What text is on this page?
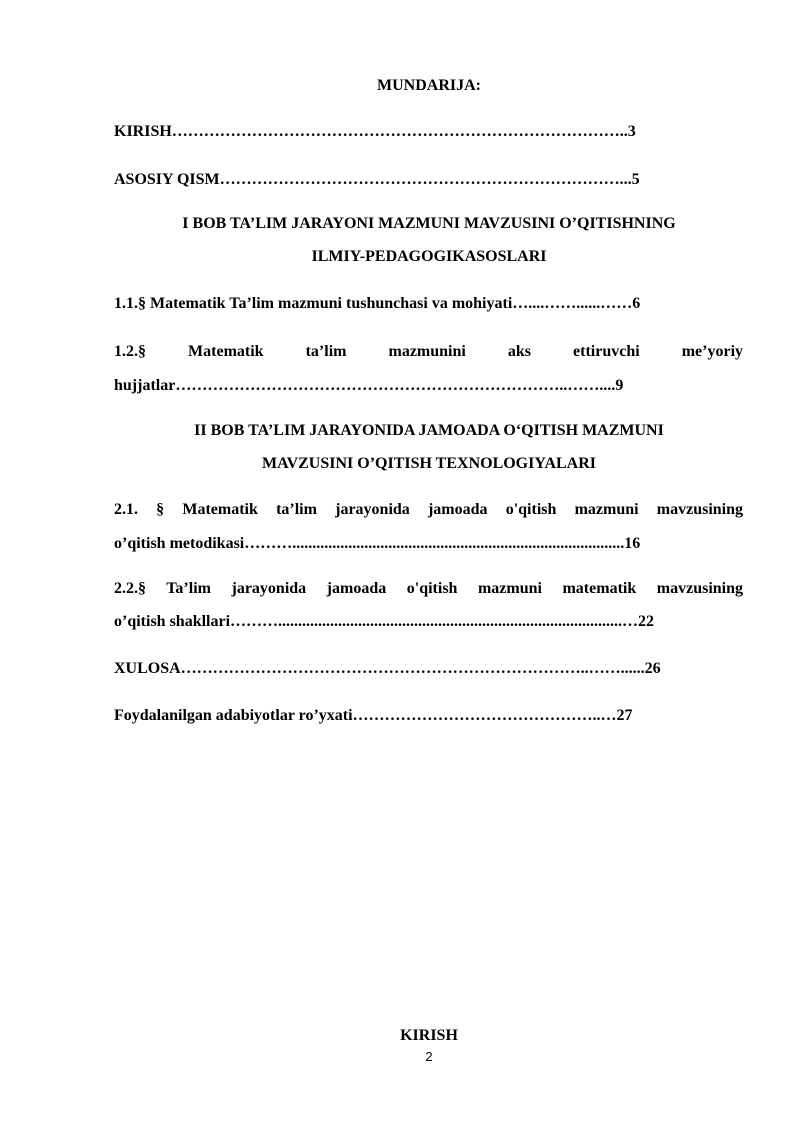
MUNDARIJA:
KIRISH…………………………………………………………………………..3
ASOSIY QISM…………………………………………………………………...5
I BOB TA’LIM JARAYONI MAZMUNI MAVZUSINI O’QITISHNING
ILMIY-PEDAGOGIKASOSLARI
1.1.§ Matematik Ta’lim mazmuni tushunchasi va mohiyati…....……......……6
1.2.§	Matematik	ta’lim	mazmunini	aks	ettiruvchi	me’yoriy
hujjatlar………………………………………………………………..……....9
II BOB TA’LIM JARAYONIDA JAMOADA O‘QITISH MAZMUNI
MAVZUSINI O’QITISH TEXNOLOGIYALARI
2.1. § Matematik ta’lim jarayonida jamoada o'qitish mazmuni mavzusining
o’qitish metodikasi………...................................................................................16
2.2.§ Ta’lim jarayonida jamoada o'qitish mazmuni matematik mavzusining
o’qitish shakllari………......................................................................................…22
XULOSA…………………………………………………………………..……......26
Foydalanilgan adabiyotlar ro’yxati………………………………………..…27
KIRISH
2
